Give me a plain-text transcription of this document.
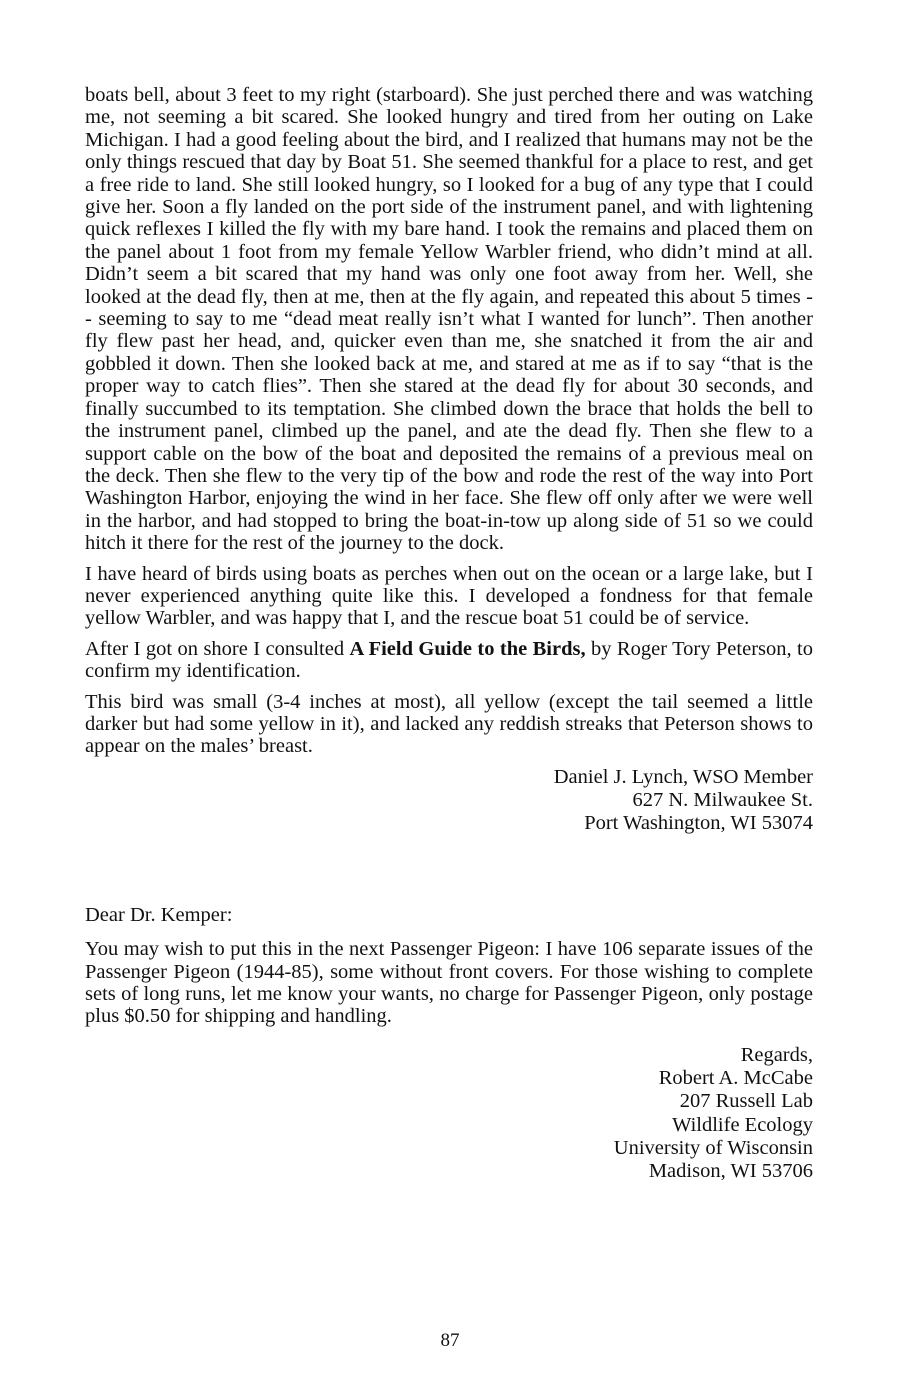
boats bell, about 3 feet to my right (starboard). She just perched there and was watching me, not seeming a bit scared. She looked hungry and tired from her outing on Lake Michigan. I had a good feeling about the bird, and I realized that humans may not be the only things rescued that day by Boat 51. She seemed thankful for a place to rest, and get a free ride to land. She still looked hungry, so I looked for a bug of any type that I could give her. Soon a fly landed on the port side of the instrument panel, and with lightening quick reflexes I killed the fly with my bare hand. I took the remains and placed them on the panel about 1 foot from my female Yellow Warbler friend, who didn’t mind at all. Didn’t seem a bit scared that my hand was only one foot away from her. Well, she looked at the dead fly, then at me, then at the fly again, and repeated this about 5 times -- seeming to say to me “dead meat really isn’t what I wanted for lunch”. Then another fly flew past her head, and, quicker even than me, she snatched it from the air and gobbled it down. Then she looked back at me, and stared at me as if to say “that is the proper way to catch flies”. Then she stared at the dead fly for about 30 seconds, and finally succumbed to its temptation. She climbed down the brace that holds the bell to the instrument panel, climbed up the panel, and ate the dead fly. Then she flew to a support cable on the bow of the boat and deposited the remains of a previous meal on the deck. Then she flew to the very tip of the bow and rode the rest of the way into Port Washington Harbor, enjoying the wind in her face. She flew off only after we were well in the harbor, and had stopped to bring the boat-in-tow up along side of 51 so we could hitch it there for the rest of the journey to the dock.

I have heard of birds using boats as perches when out on the ocean or a large lake, but I never experienced anything quite like this. I developed a fondness for that female yellow Warbler, and was happy that I, and the rescue boat 51 could be of service.

After I got on shore I consulted A Field Guide to the Birds, by Roger Tory Peterson, to confirm my identification.

This bird was small (3-4 inches at most), all yellow (except the tail seemed a little darker but had some yellow in it), and lacked any reddish streaks that Peterson shows to appear on the males’ breast.

Daniel J. Lynch, WSO Member
627 N. Milwaukee St.
Port Washington, WI 53074
Dear Dr. Kemper:

You may wish to put this in the next Passenger Pigeon: I have 106 separate issues of the Passenger Pigeon (1944-85), some without front covers. For those wishing to complete sets of long runs, let me know your wants, no charge for Passenger Pigeon, only postage plus $0.50 for shipping and handling.

Regards,
Robert A. McCabe
207 Russell Lab
Wildlife Ecology
University of Wisconsin
Madison, WI 53706
87
